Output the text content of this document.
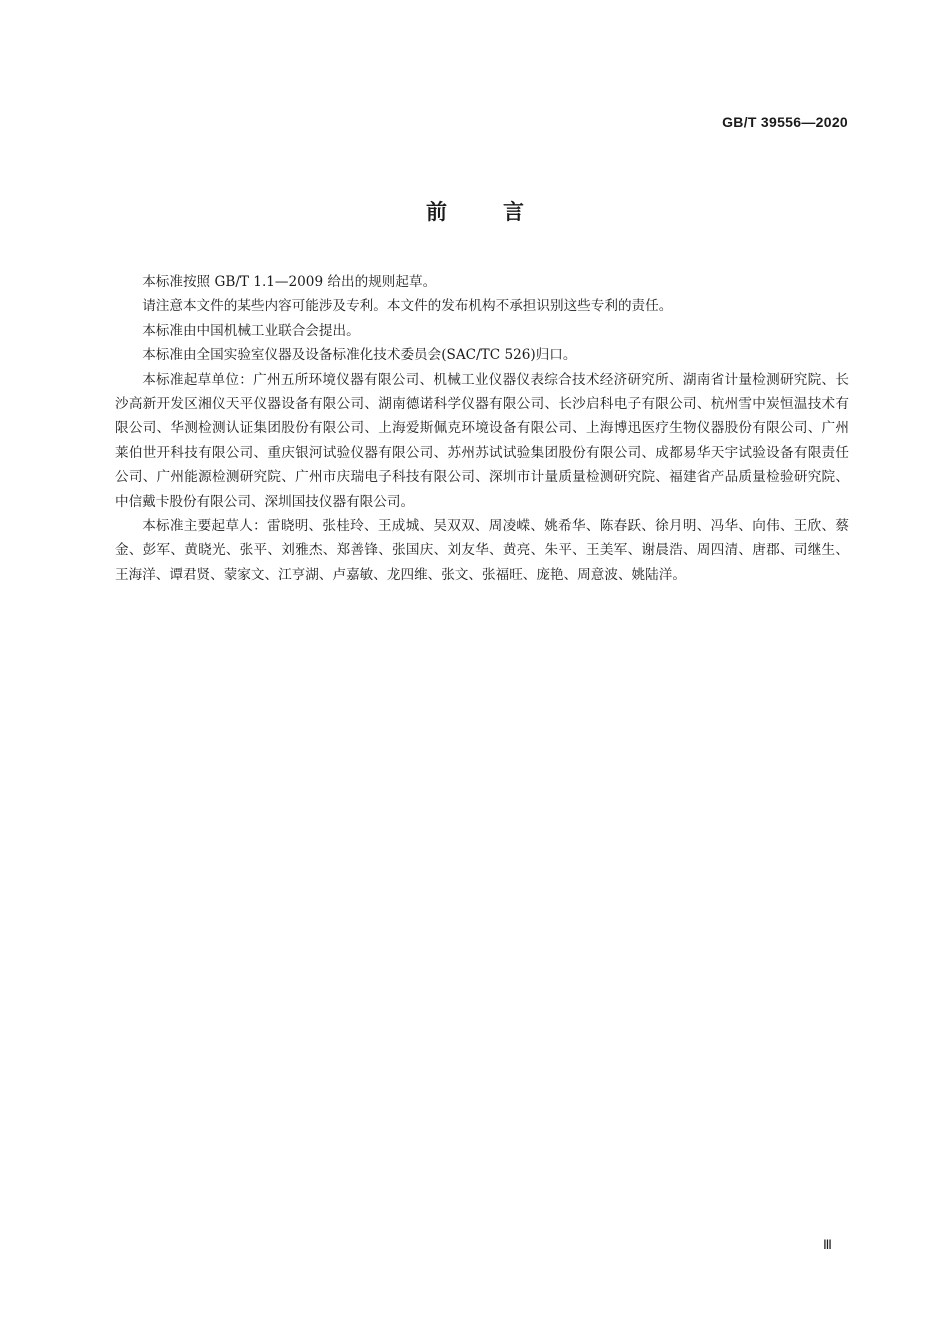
GB/T 39556—2020
前言

本标准按照 GB/T 1.1—2009 给出的规则起草。

请注意本文件的某些内容可能涉及专利。本文件的发布机构不承担识别这些专利的责任。

本标准由中国机械工业联合会提出。

本标准由全国实验室仪器及设备标准化技术委员会(SAC/TC 526)归口。

本标准起草单位：广州五所环境仪器有限公司、机械工业仪器仪表综合技术经济研究所、湖南省计量检测研究院、长沙高新开发区湘仪天平仪器设备有限公司、湖南德诺科学仪器有限公司、长沙启科电子有限公司、杭州雪中炭恒温技术有限公司、华测检测认证集团股份有限公司、上海爱斯佩克环境设备有限公司、上海博迅医疗生物仪器股份有限公司、广州莱伯世开科技有限公司、重庆银河试验仪器有限公司、苏州苏试试验集团股份有限公司、成都易华天宇试验设备有限责任公司、广州能源检测研究院、广州市庆瑞电子科技有限公司、深圳市计量质量检测研究院、福建省产品质量检验研究院、中信戴卡股份有限公司、深圳国技仪器有限公司。

本标准主要起草人：雷晓明、张桂玲、王成城、吴双双、周凌嵘、姚希华、陈春跃、徐月明、冯华、向伟、王欣、蔡金、彭军、黄晓光、张平、刘雅杰、郑善锋、张国庆、刘友华、黄亮、朱平、王美军、谢晨浩、周四清、唐郡、司继生、王海洋、谭君贤、蒙家文、江亨湖、卢嘉敏、龙四维、张文、张福旺、庞艳、周意波、姚陆洋。

Ⅲ
